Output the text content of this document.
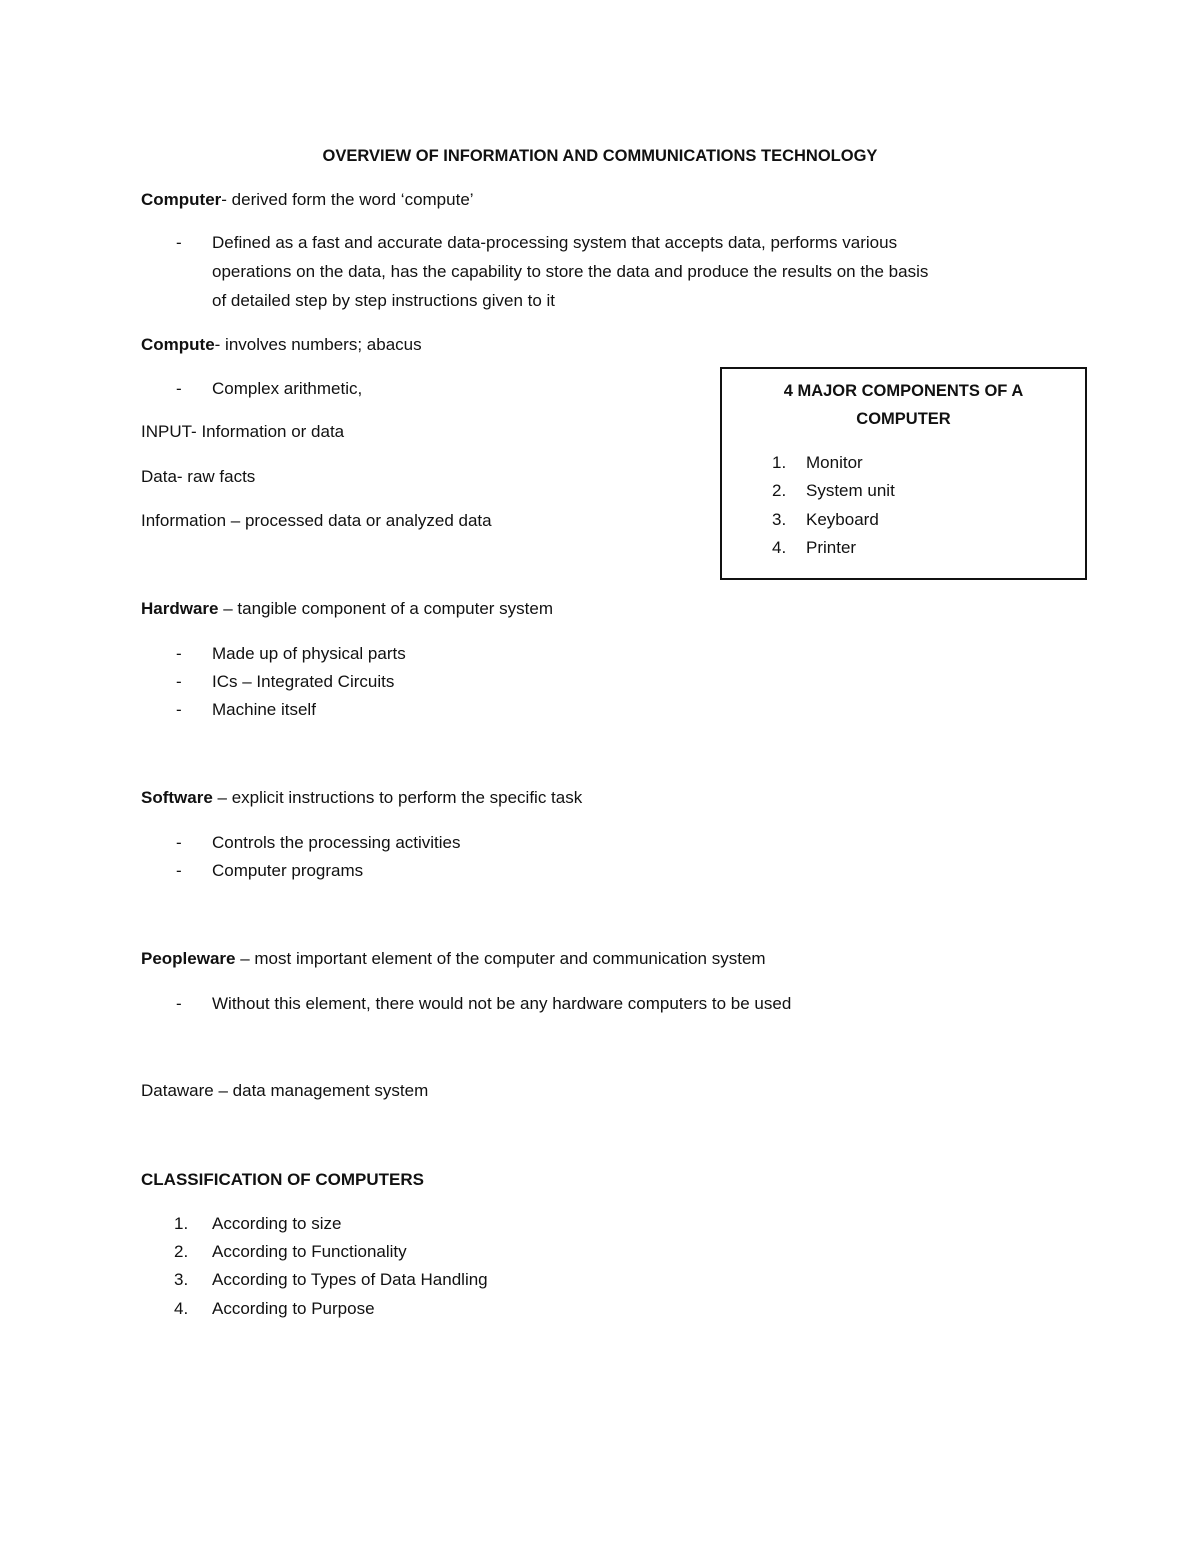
OVERVIEW OF INFORMATION AND COMMUNICATIONS TECHNOLOGY
Computer- derived form the word ‘compute’
- Defined as a fast and accurate data-processing system that accepts data, performs various
operations on the data, has the capability to store the data and produce the results on the basis
of detailed step by step instructions given to it
Compute- involves numbers; abacus
- Complex arithmetic,
INPUT- Information or data
Data- raw facts
Information – processed data or analyzed data
4 MAJOR COMPONENTS OF A
COMPUTER
1. Monitor
2. System unit
3. Keyboard
4. Printer
Hardware – tangible component of a computer system
- Made up of physical parts
- ICs – Integrated Circuits
- Machine itself
Software – explicit instructions to perform the specific task
- Controls the processing activities
- Computer programs
Peopleware – most important element of the computer and communication system
- Without this element, there would not be any hardware computers to be used
Dataware – data management system
CLASSIFICATION OF COMPUTERS
1. According to size
2. According to Functionality
3. According to Types of Data Handling
4. According to Purpose
